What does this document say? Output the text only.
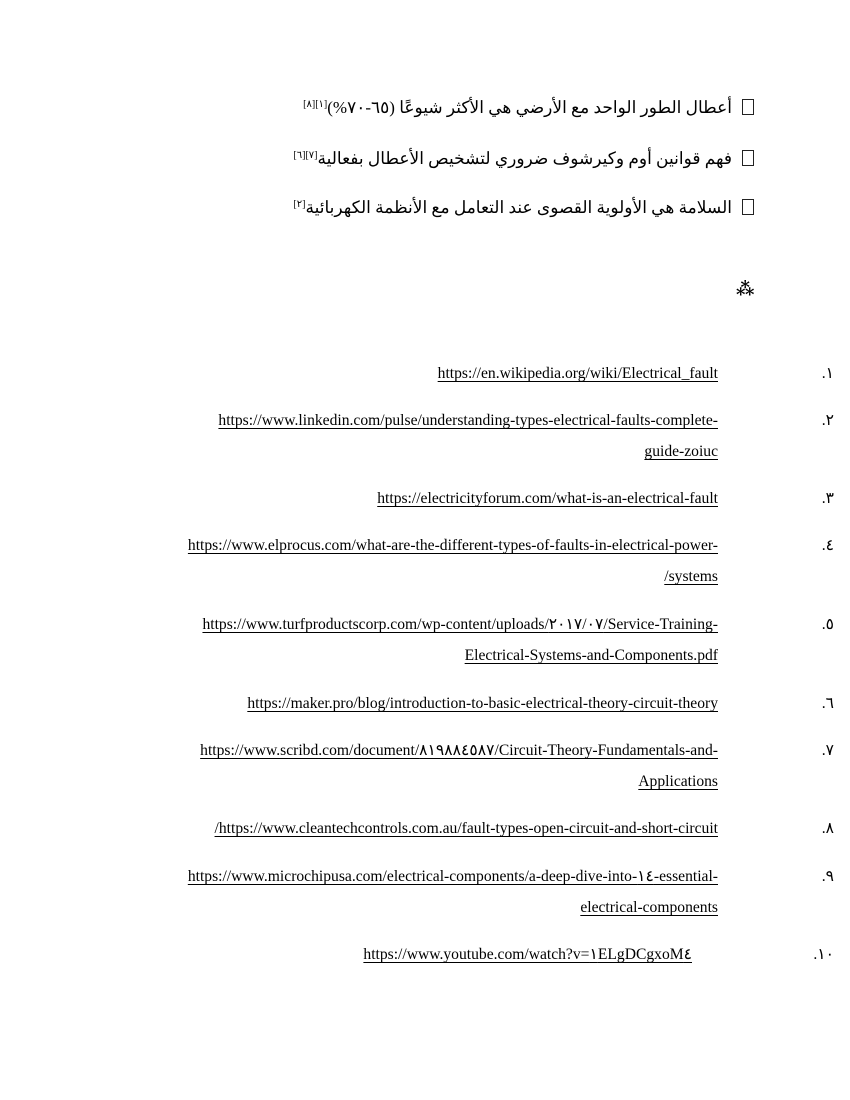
أعطال الطور الواحد مع الأرضي هي الأكثر شيوعًا (٦٥-٧٠%)[١][٨]
فهم قوانين أوم وكيرشوف ضروري لتشخيص الأعطال بفعالية[٧][٦]
السلامة هي الأولوية القصوى عند التعامل مع الأنظمة الكهربائية[٢]
⁂
١.
https://en.wikipedia.org/wiki/Electrical_fault
٢.
https://www.linkedin.com/pulse/understanding-types-electrical-faults-complete-
guide-zoiuc
٣.
https://electricityforum.com/what-is-an-electrical-fault
٤.
https://www.elprocus.com/what-are-the-different-types-of-faults-in-electrical-power-
/systems
٥.
https://www.turfproductscorp.com/wp-content/uploads/٢٠١٧/٠٧/Service-Training-
Electrical-Systems-and-Components.pdf
٦.
https://maker.pro/blog/introduction-to-basic-electrical-theory-circuit-theory
٧.
https://www.scribd.com/document/٨١٩٨٨٤٥٨٧/Circuit-Theory-Fundamentals-and-
Applications
٨.
/https://www.cleantechcontrols.com.au/fault-types-open-circuit-and-short-circuit
٩.
https://www.microchipusa.com/electrical-components/a-deep-dive-into-١٤-essential-
electrical-components
١٠.
https://www.youtube.com/watch?v=١ELgDCgxoM٤
